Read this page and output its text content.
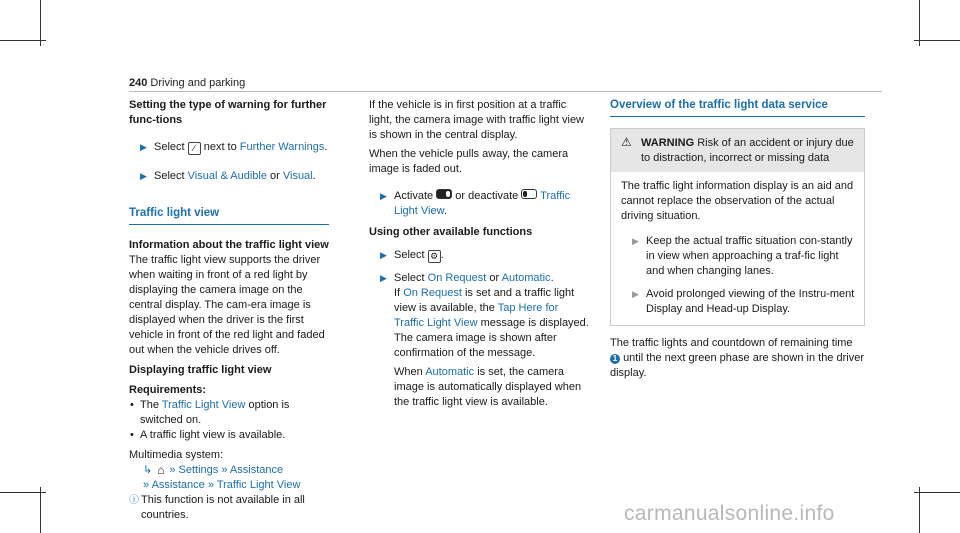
240 Driving and parking

Setting the type of warning for further func-tions

▶ Select ∕ next to Further Warnings.

▶ Select Visual & Audible or Visual.

Traffic light view

Information about the traffic light view

The traffic light view supports the driver when waiting in front of a red light by displaying the camera image on the central display. The cam-era image is displayed when the driver is the first vehicle in front of the red light and faded out when the vehicle drives off.

Displaying traffic light view

Requirements:

• The Traffic Light View option is switched on.

• A traffic light view is available.

Multimedia system:

↳ ⌂ » Settings » Assistance

» Assistance » Traffic Light View

ⓘ This function is not available in all countries.

If the vehicle is in first position at a traffic light, the camera image with traffic light view is shown in the central display.

When the vehicle pulls away, the camera image is faded out.

▶ Activate or deactivate Traffic Light View.

Using other available functions

▶ Select ⚙ .

▶ Select On Request or Automatic.

If On Request is set and a traffic light view is available, the Tap Here for Traffic Light View message is displayed. The camera image is shown after confirmation of the message.

When Automatic is set, the camera image is automatically displayed when the traffic light view is available.

Overview of the traffic light data service

⚠ WARNING Risk of an accident or injury due to distraction, incorrect or missing data

The traffic light information display is an aid and cannot replace the observation of the actual driving situation.

▶ Keep the actual traffic situation con-stantly in view when approaching a traf-fic light and when changing lanes.

▶ Avoid prolonged viewing of the Instru-ment Display and Head-up Display.

The traffic lights and countdown of remaining time 1 until the next green phase are shown in the driver display.

carmanualsonline.info
